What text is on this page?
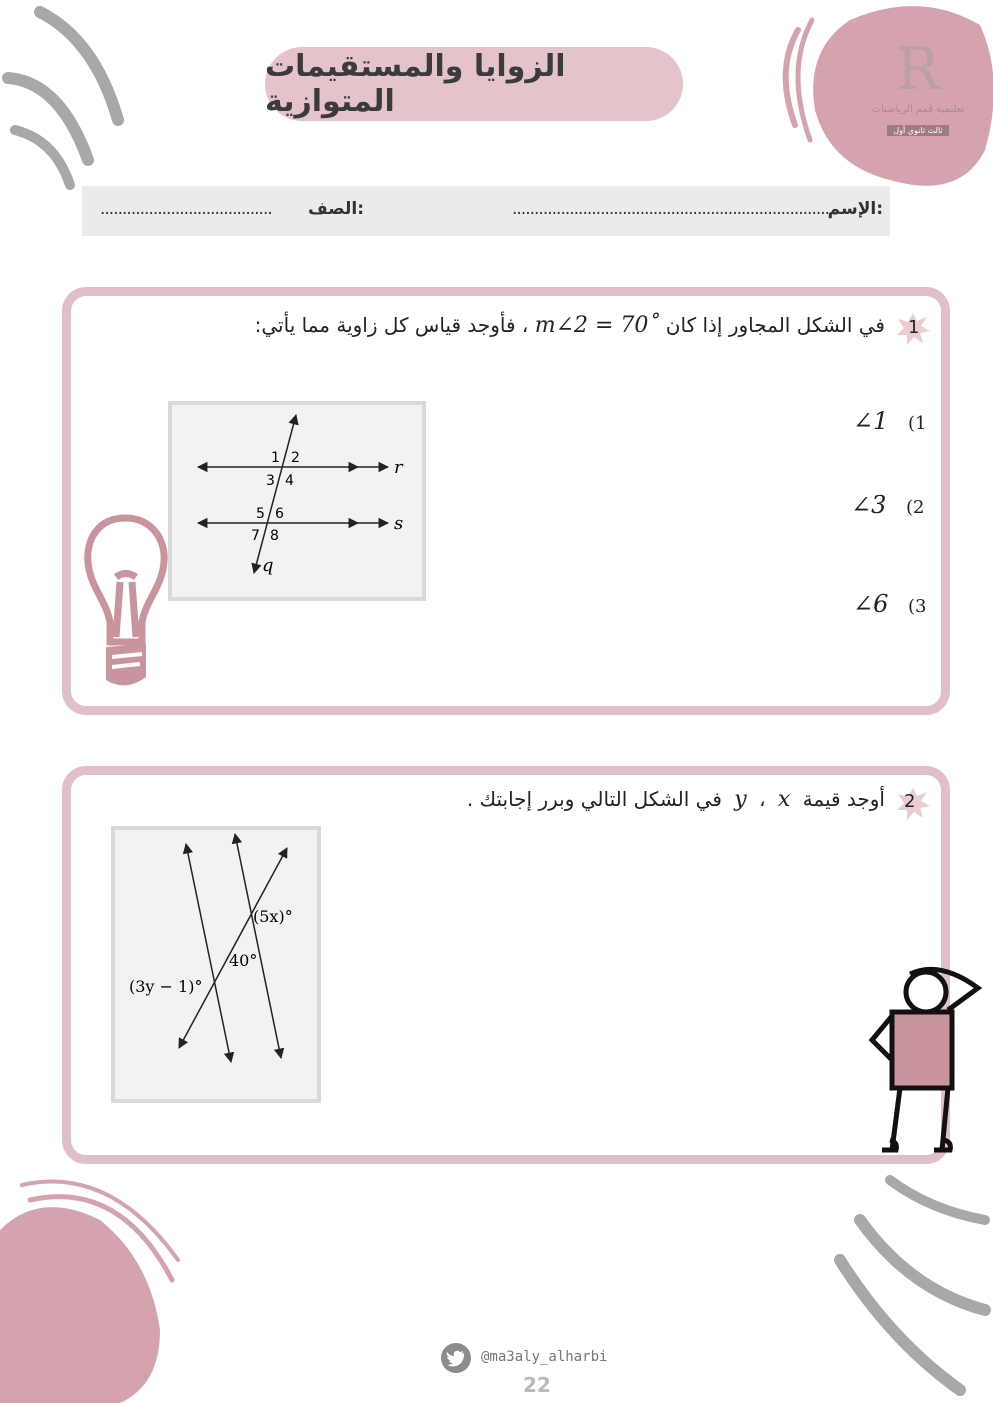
R
تعليمية قمم الرياضيات
ثالث ثانوي أول
الزوايا والمستقيمات المتوازية
الإسم:
..........................................................................
الصف:
.......................................
1
في الشكل المجاور إذا كان m∠2 = 70˚ ، فأوجد قياس كل زاوية مما يأتي:
∠1 (1
∠3 (2
∠6 (3
1 2
3 4
5 6
7 8
r
s
q
2
أوجد قيمة y ، x في الشكل التالي وبرر إجابتك .
(5x)°
40°
(3y − 1)°
@ma3aly_alharbi
22
